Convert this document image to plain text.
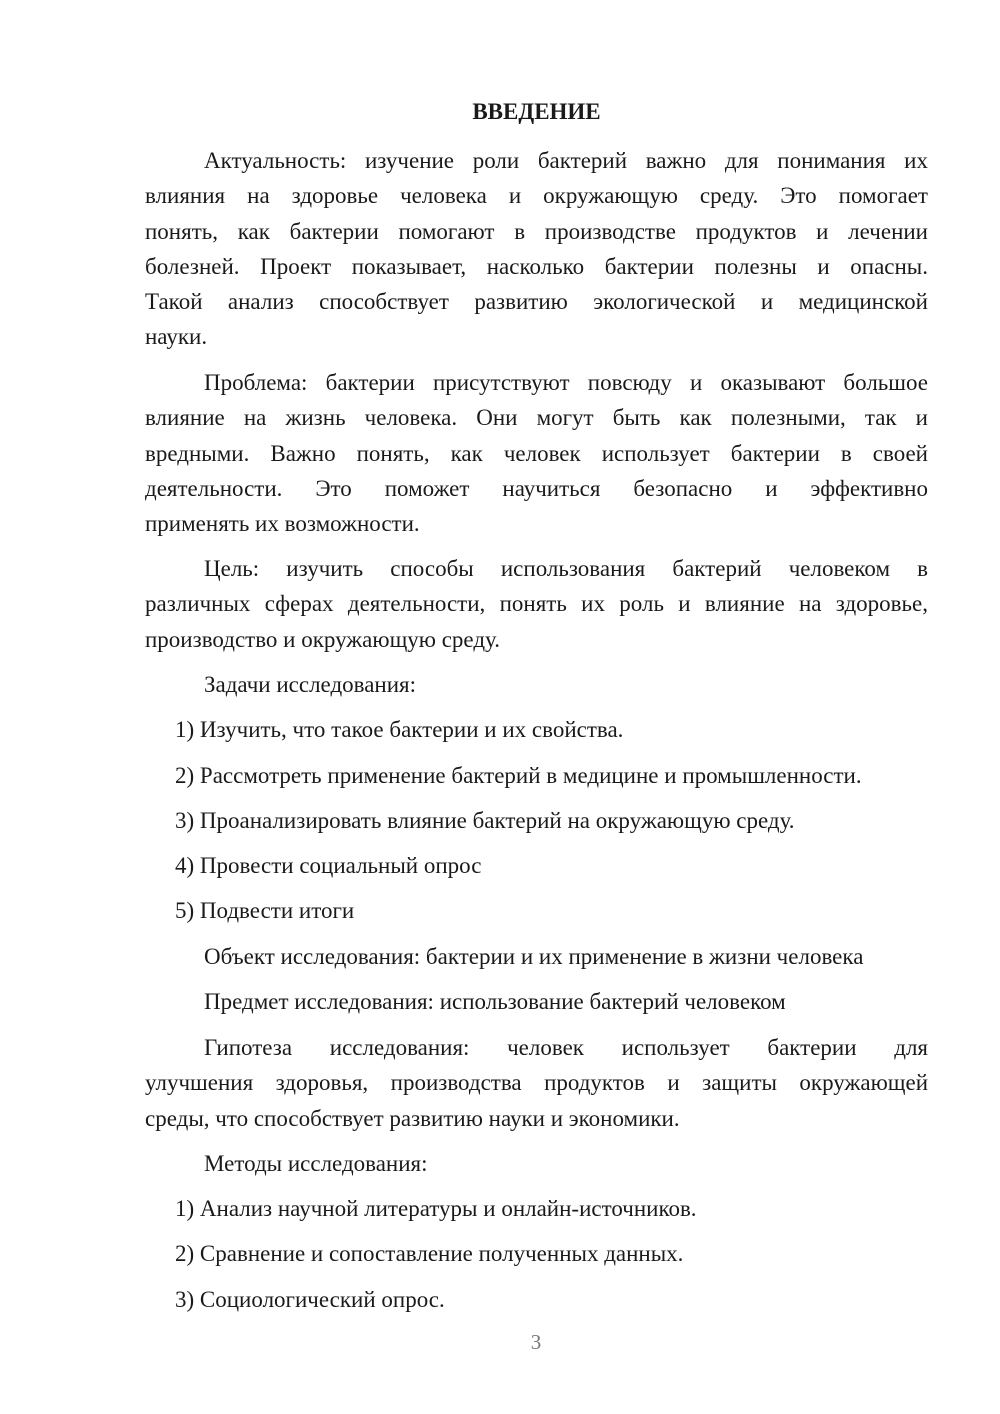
ВВЕДЕНИЕ
Актуальность: изучение роли бактерий важно для понимания их
влияния на здоровье человека и окружающую среду. Это помогает
понять, как бактерии помогают в производстве продуктов и лечении
болезней. Проект показывает, насколько бактерии полезны и опасны.
Такой анализ способствует развитию экологической и медицинской
науки.
Проблема: бактерии присутствуют повсюду и оказывают большое
влияние на жизнь человека. Они могут быть как полезными, так и
вредными. Важно понять, как человек использует бактерии в своей
деятельности. Это поможет научиться безопасно и эффективно
применять их возможности.
Цель: изучить способы использования бактерий человеком в
различных сферах деятельности, понять их роль и влияние на здоровье,
производство и окружающую среду.

Задачи исследования:

1) Изучить, что такое бактерии и их свойства.

2) Рассмотреть применение бактерий в медицине и промышленности.

3) Проанализировать влияние бактерий на окружающую среду.

4) Провести социальный опрос

5) Подвести итоги

Объект исследования: бактерии и их применение в жизни человека

Предмет исследования: использование бактерий человеком

Гипотеза исследования: человек использует бактерии для
улучшения здоровья, производства продуктов и защиты окружающей
среды, что способствует развитию науки и экономики.

Методы исследования:

1) Анализ научной литературы и онлайн-источников.

2) Сравнение и сопоставление полученных данных.

3) Социологический опрос.

3
